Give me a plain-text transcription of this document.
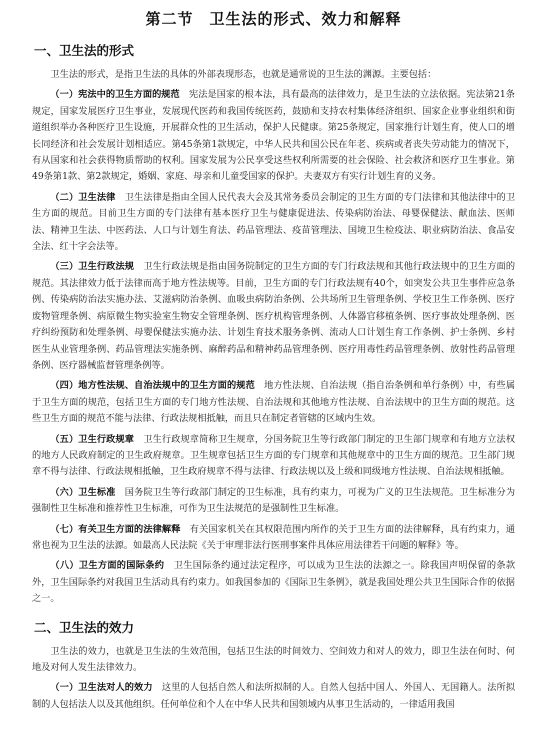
第二节　卫生法的形式、效力和解释
一、卫生法的形式

卫生法的形式，是指卫生法的具体的外部表现形态，也就是通常说的卫生法的渊源。主要包括：

（一）宪法中的卫生方面的规范　宪法是国家的根本法，具有最高的法律效力，是卫生法的立法依据。宪法第21条规定，国家发展医疗卫生事业，发展现代医药和我国传统医药，鼓励和支持农村集体经济组织、国家企业事业组织和街道组织举办各种医疗卫生设施，开展群众性的卫生活动，保护人民健康。第25条规定，国家推行计划生育，使人口的增长同经济和社会发展计划相适应。第45条第1款规定，中华人民共和国公民在年老、疾病或者丧失劳动能力的情况下，有从国家和社会获得物质帮助的权利。国家发展为公民享受这些权利所需要的社会保险、社会救济和医疗卫生事业。第49条第1款、第2款规定，婚姻、家庭、母亲和儿童受国家的保护。夫妻双方有实行计划生育的义务。

（二）卫生法律　卫生法律是指由全国人民代表大会及其常务委员会制定的卫生方面的专门法律和其他法律中的卫生方面的规范。目前卫生方面的专门法律有基本医疗卫生与健康促进法、传染病防治法、母婴保健法、献血法、医师法、精神卫生法、中医药法、人口与计划生育法、药品管理法、疫苗管理法、国境卫生检疫法、职业病防治法、食品安全法、红十字会法等。

（三）卫生行政法规　卫生行政法规是指由国务院制定的卫生方面的专门行政法规和其他行政法规中的卫生方面的规范。其法律效力低于法律而高于地方性法规等。目前，卫生方面的专门行政法规有40个，如突发公共卫生事件应急条例、传染病防治法实施办法、艾滋病防治条例、血吸虫病防治条例、公共场所卫生管理条例、学校卫生工作条例、医疗废物管理条例、病原微生物实验室生物安全管理条例、医疗机构管理条例、人体器官移植条例、医疗事故处理条例、医疗纠纷预防和处理条例、母婴保健法实施办法、计划生育技术服务条例、流动人口计划生育工作条例、护士条例、乡村医生从业管理条例、药品管理法实施条例、麻醉药品和精神药品管理条例、医疗用毒性药品管理条例、放射性药品管理条例、医疗器械监督管理条例等。

（四）地方性法规、自治法规中的卫生方面的规范　地方性法规、自治法规（指自治条例和单行条例）中，有些属于卫生方面的规范，包括卫生方面的专门地方性法规、自治法规和其他地方性法规、自治法规中的卫生方面的规范。这些卫生方面的规范不能与法律、行政法规相抵触，而且只在制定者管辖的区域内生效。

（五）卫生行政规章　卫生行政规章简称卫生规章，分国务院卫生等行政部门制定的卫生部门规章和有地方立法权的地方人民政府制定的卫生政府规章。卫生规章包括卫生方面的专门规章和其他规章中的卫生方面的规范。卫生部门规章不得与法律、行政法规相抵触，卫生政府规章不得与法律、行政法规以及上级和同级地方性法规、自治法规相抵触。

（六）卫生标准　国务院卫生等行政部门制定的卫生标准，具有约束力，可视为广义的卫生法规范。卫生标准分为强制性卫生标准和推荐性卫生标准，可作为卫生法规范的是强制性卫生标准。

（七）有关卫生方面的法律解释　有关国家机关在其权限范围内所作的关于卫生方面的法律解释，具有约束力，通常也视为卫生法的法源。如最高人民法院《关于审理非法行医刑事案件具体应用法律若干问题的解释》等。

（八）卫生方面的国际条约　卫生国际条约通过法定程序，可以成为卫生法的法源之一。除我国声明保留的条款外，卫生国际条约对我国卫生活动具有约束力。如我国参加的《国际卫生条例》，就是我国处理公共卫生国际合作的依据之一。

二、卫生法的效力

卫生法的效力，也就是卫生法的生效范围，包括卫生法的时间效力、空间效力和对人的效力，即卫生法在何时、何地及对何人发生法律效力。

（一）卫生法对人的效力　这里的人包括自然人和法所拟制的人。自然人包括中国人、外国人、无国籍人。法所拟制的人包括法人以及其他组织。任何单位和个人在中华人民共和国领域内从事卫生活动的，一律适用我国
